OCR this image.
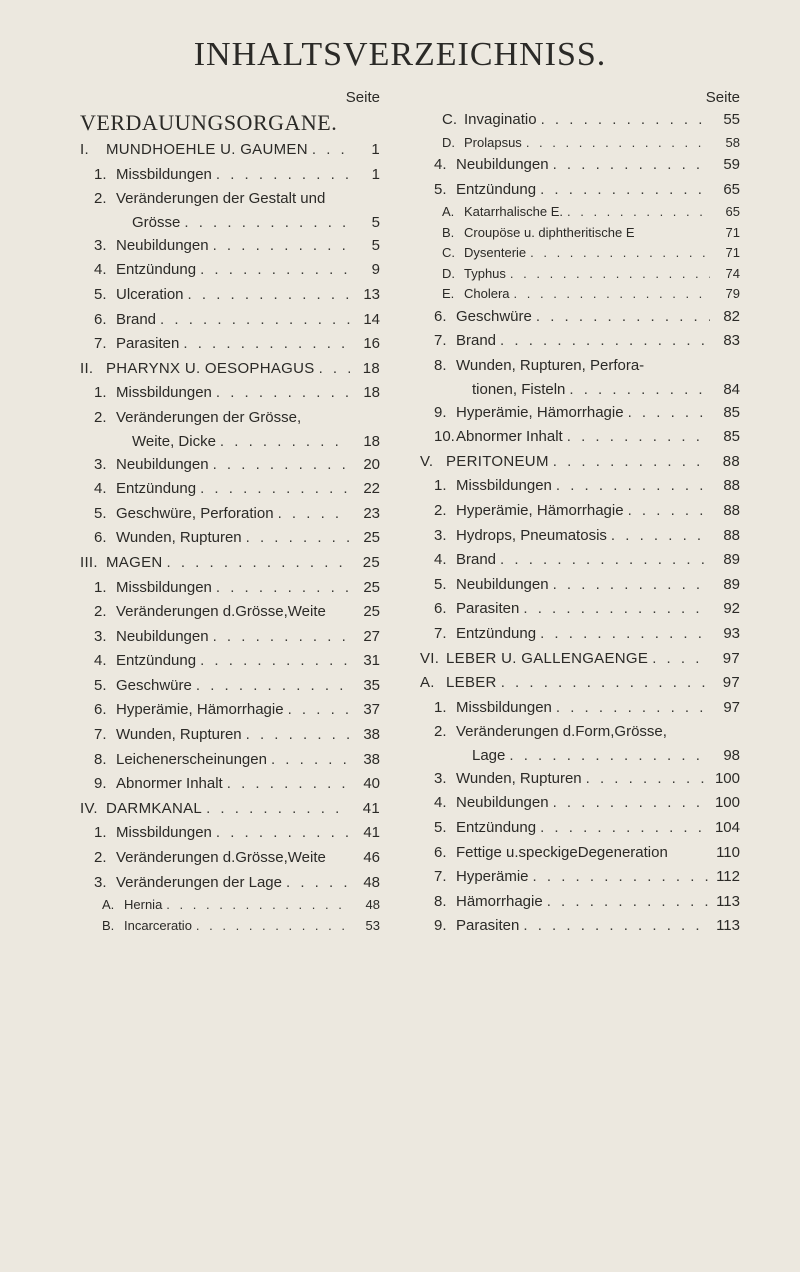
INHALTSVERZEICHNISS.
Seite
VERDAUUNGSORGANE.
I.	MUNDHOEHLE U. GAUMEN . . .	1
1. Missbildungen . . .	1
2. Veränderungen der Gestalt und
Grösse . . .	5
3. Neubildungen . . .	5
4. Entzündung . . .	9
5. Ulceration . . .	13
6. Brand . . .	14
7. Parasiten . . .	16
II. PHARYNX U. OESOPHAGUS . . .	18
1. Missbildungen . . .	18
2. Veränderungen der Grösse,
Weite, Dicke . . .	18
3. Neubildungen . . .	20
4. Entzündung . . .	22
5. Geschwüre, Perforation . . .	23
6. Wunden, Rupturen . . .	25
III. MAGEN . . .	25
1. Missbildungen . . .	25
2. Veränderungen d.Grösse,Weite	25
3. Neubildungen . . .	27
4. Entzündung . . .	31
5. Geschwüre . . .	35
6. Hyperämie, Hämorrhagie . . .	37
7. Wunden, Rupturen . . .	38
8. Leichenerscheinungen . . .	38
9. Abnormer Inhalt . . .	40
IV. DARMKANAL . . .	41
1. Missbildungen . . .	41
2. Veränderungen d.Grösse,Weite	46
3. Veränderungen der Lage . . .	48
A. Hernia . . .	48
B. Incarceratio . . .	53
Seite
C. Invaginatio . . .	55
D. Prolapsus . . .	58
4. Neubildungen . . .	59
5. Entzündung . . .	65
A. Katarrhalische E. . . .	65
B. Croupöse u. diphtheritische E	71
C. Dysenterie . . .	71
D. Typhus . . .	74
E. Cholera . . .	79
6. Geschwüre . . .	82
7. Brand . . .	83
8. Wunden, Rupturen, Perfora-
tionen, Fisteln . . .	84
9. Hyperämie, Hämorrhagie . . .	85
10. Abnormer Inhalt . . .	85
V. PERITONEUM . . .	88
1. Missbildungen . . .	88
2. Hyperämie, Hämorrhagie . . .	88
3. Hydrops, Pneumatosis . . .	88
4. Brand . . .	89
5. Neubildungen . . .	89
6. Parasiten . . .	92
7. Entzündung . . .	93
VI. LEBER U. GALLENGAENGE . . .	97
A. LEBER . . .	97
1. Missbildungen . . .	97
2. Veränderungen d.Form,Grösse,
Lage . . .	98
3. Wunden, Rupturen . . .	100
4. Neubildungen . . .	100
5. Entzündung . . .	104
6. Fettige u.speckigeDegeneration	110
7. Hyperämie . . .	112
8. Hämorrhagie . . .	113
9. Parasiten . . .	113
